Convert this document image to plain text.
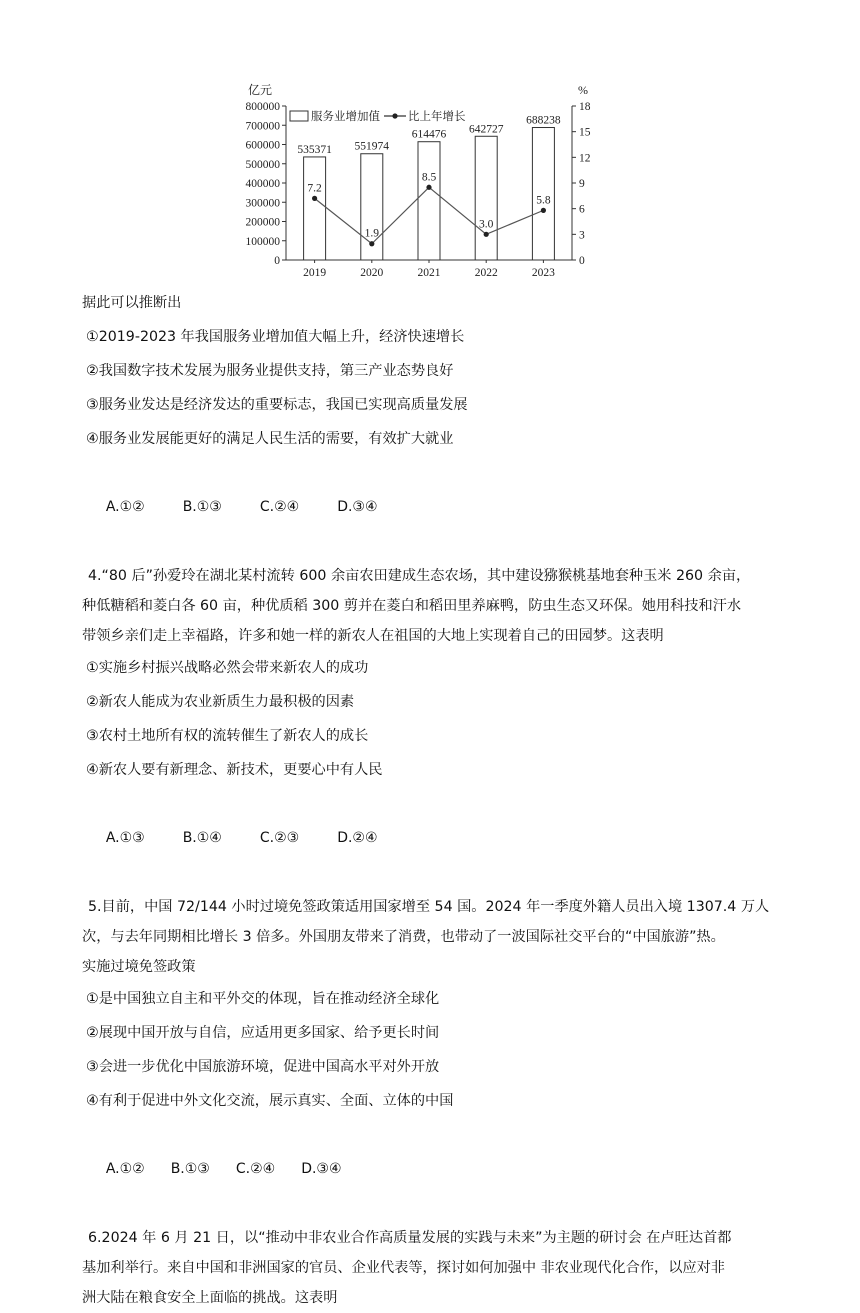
亿元	%
800000
700000
600000
500000
400000
300000
200000
100000
0
18
15
12
9
6
3
0
535371
2019
551974
2020
614476
2021
642727
2022
688238
2023
7.2
1.9
8.5
3.0
5.8
服务业增加值 比上年增长
据此可以推断出
①2019-2023 年我国服务业增加值大幅上升，经济快速增长
②我国数字技术发展为服务业提供支持，第三产业态势良好
③服务业发达是经济发达的重要标志，我国已实现高质量发展
④服务业发展能更好的满足人民生活的需要，有效扩大就业

A.①②	B.①③	C.②④	D.③④

4.“80 后”孙爱玲在湖北某村流转 600 余亩农田建成生态农场，其中建设猕猴桃基地套种玉米 260 余亩，
种低糖稻和菱白各 60 亩，种优质稻 300 剪并在菱白和稻田里养麻鸭，防虫生态又环保。她用科技和汗水
带领乡亲们走上幸福路，许多和她一样的新农人在祖国的大地上实现着自己的田园梦。这表明
①实施乡村振兴战略必然会带来新农人的成功
②新农人能成为农业新质生力最积极的因素
③农村土地所有权的流转催生了新农人的成长
④新农人要有新理念、新技术，更要心中有人民

A.①③	B.①④	C.②③	D.②④

5.目前，中国 72/144 小时过境免签政策适用国家增至 54 国。2024 年一季度外籍人员出入境 1307.4 万人
次，与去年同期相比增长 3 倍多。外国朋友带来了消费，也带动了一波国际社交平台的“中国旅游”热。
实施过境免签政策
①是中国独立自主和平外交的体现，旨在推动经济全球化
②展现中国开放与自信，应适用更多国家、给予更长时间
③会进一步优化中国旅游环境，促进中国高水平对外开放
④有利于促进中外文化交流，展示真实、全面、立体的中国

A.①② B.①③ C.②④ D.③④

6.2024 年 6 月 21 日，以“推动中非农业合作高质量发展的实践与未来”为主题的研讨会 在卢旺达首都
基加利举行。来自中国和非洲国家的官员、企业代表等，探讨如何加强中 非农业现代化合作，以应对非
洲大陆在粮食安全上面临的挑战。这表明
